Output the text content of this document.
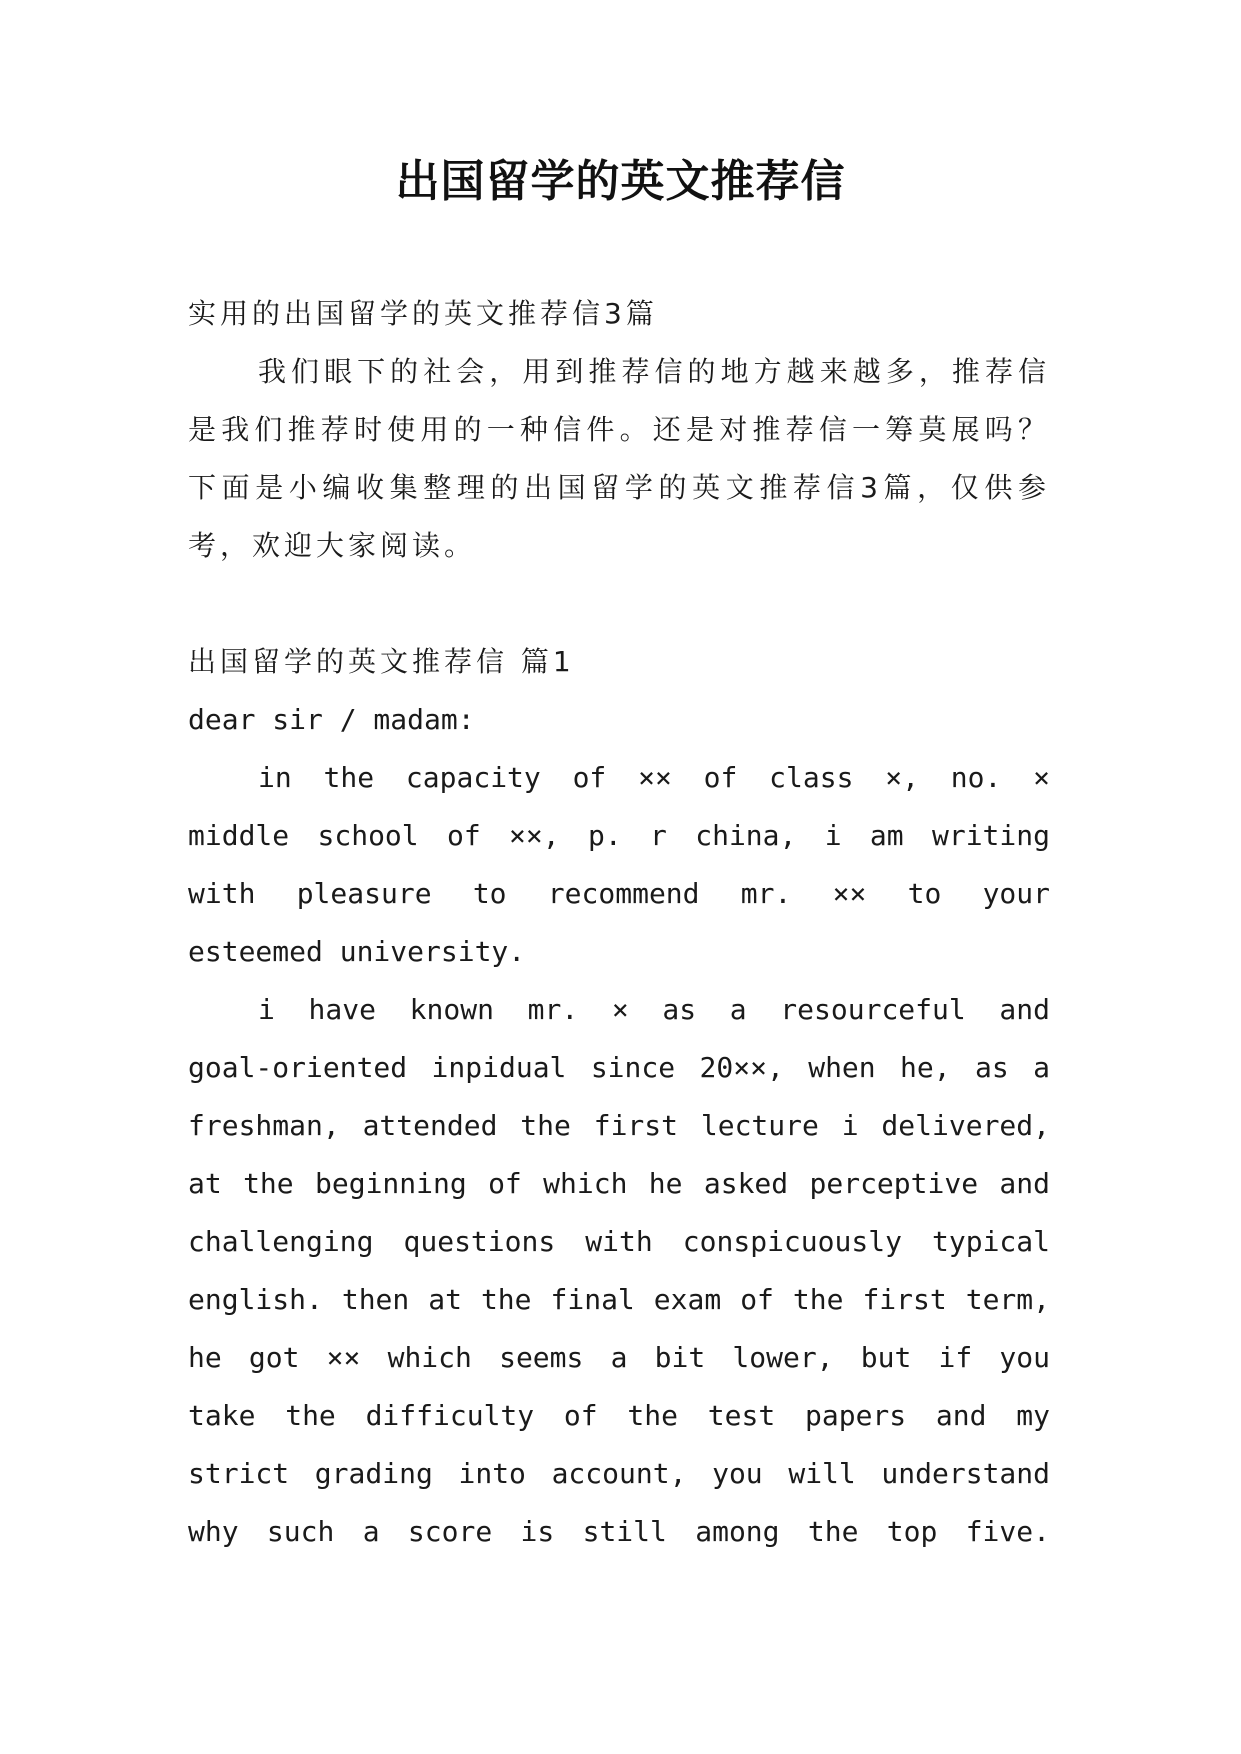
出国留学的英文推荐信
实用的出国留学的英文推荐信3篇
我们眼下的社会，用到推荐信的地方越来越多，推荐信
是我们推荐时使用的一种信件。还是对推荐信一筹莫展吗？
下面是小编收集整理的出国留学的英文推荐信3篇，仅供参
考，欢迎大家阅读。
出国留学的英文推荐信 篇1
dear sir / madam:
in the capacity of ×× of class ×, no. ×
middle school of ××, p. r china, i am writing
with pleasure to recommend mr. ×× to your
esteemed university.
i have known mr. × as a resourceful and
goal-oriented inpidual since 20××, when he, as a
freshman, attended the first lecture i delivered,
at the beginning of which he asked perceptive and
challenging questions with conspicuously typical
english. then at the final exam of the first term,
he got ×× which seems a bit lower, but if you
take the difficulty of the test papers and my
strict grading into account, you will understand
why such a score is still among the top five.
